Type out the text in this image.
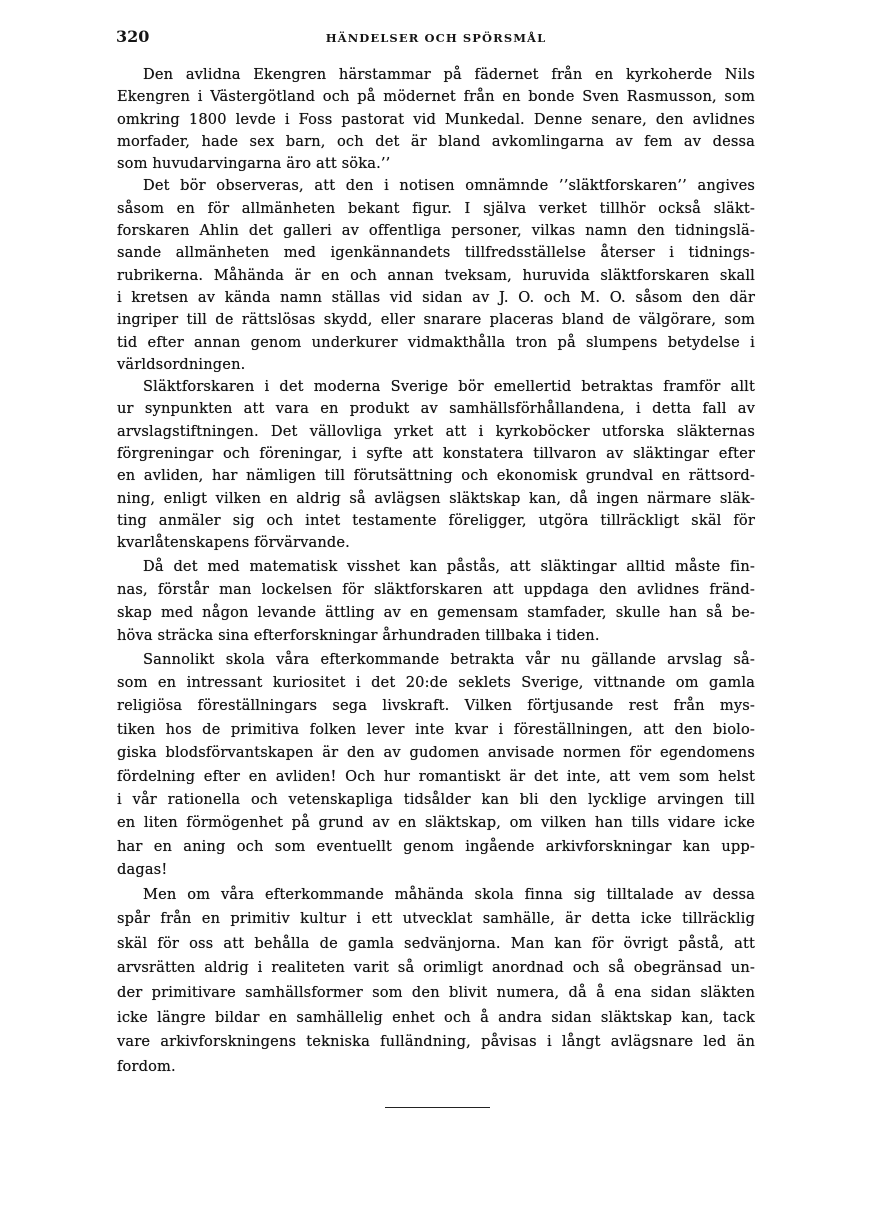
320	HÄNDELSER OCH SPÖRSMÅL
Den avlidna Ekengren härstammar på fädernet från en kyrkoherde Nils
Ekengren i Västergötland och på mödernet från en bonde Sven Rasmusson, som
omkring 1800 levde i Foss pastorat vid Munkedal. Denne senare, den avlidnes
morfader, hade sex barn, och det är bland avkomlingarna av fem av dessa
som huvudarvingarna äro att söka.’’
Det bör observeras, att den i notisen omnämnde ’’släktforskaren’’ angives
såsom en för allmänheten bekant figur. I själva verket tillhör också släkt-
forskaren Ahlin det galleri av offentliga personer, vilkas namn den tidningslä-
sande allmänheten med igenkännandets tillfredsställelse återser i tidnings-
rubrikerna. Måhända är en och annan tveksam, huruvida släktforskaren skall
i kretsen av kända namn ställas vid sidan av J. O. och M. O. såsom den där
ingriper till de rättslösas skydd, eller snarare placeras bland de välgörare, som
tid efter annan genom underkurer vidmakthålla tron på slumpens betydelse i
världsordningen.
Släktforskaren i det moderna Sverige bör emellertid betraktas framför allt
ur synpunkten att vara en produkt av samhällsförhållandena, i detta fall av
arvslagstiftningen. Det vällovliga yrket att i kyrkoböcker utforska släkternas
förgreningar och föreningar, i syfte att konstatera tillvaron av släktingar efter
en avliden, har nämligen till förutsättning och ekonomisk grundval en rättsord-
ning, enligt vilken en aldrig så avlägsen släktskap kan, då ingen närmare släk-
ting anmäler sig och intet testamente föreligger, utgöra tillräckligt skäl för
kvarlåtenskapens förvärvande.
Då det med matematisk visshet kan påstås, att släktingar alltid måste fin-
nas, förstår man lockelsen för släktforskaren att uppdaga den avlidnes fränd-
skap med någon levande ättling av en gemensam stamfader, skulle han så be-
höva sträcka sina efterforskningar århundraden tillbaka i tiden.
Sannolikt skola våra efterkommande betrakta vår nu gällande arvslag så-
som en intressant kuriositet i det 20:de seklets Sverige, vittnande om gamla
religiösa föreställningars sega livskraft. Vilken förtjusande rest från mys-
tiken hos de primitiva folken lever inte kvar i föreställningen, att den biolo-
giska blodsförvantskapen är den av gudomen anvisade normen för egendomens
fördelning efter en avliden! Och hur romantiskt är det inte, att vem som helst
i vår rationella och vetenskapliga tidsålder kan bli den lycklige arvingen till
en liten förmögenhet på grund av en släktskap, om vilken han tills vidare icke
har en aning och som eventuellt genom ingående arkivforskningar kan upp-
dagas!
Men om våra efterkommande måhända skola finna sig tilltalade av dessa
spår från en primitiv kultur i ett utvecklat samhälle, är detta icke tillräcklig
skäl för oss att behålla de gamla sedvänjorna. Man kan för övrigt påstå, att
arvsrätten aldrig i realiteten varit så orimligt anordnad och så obegränsad un-
der primitivare samhällsformer som den blivit numera, då å ena sidan släkten
icke längre bildar en samhällelig enhet och å andra sidan släktskap kan, tack
vare arkivforskningens tekniska fulländning, påvisas i långt avlägsnare led än
fordom.
